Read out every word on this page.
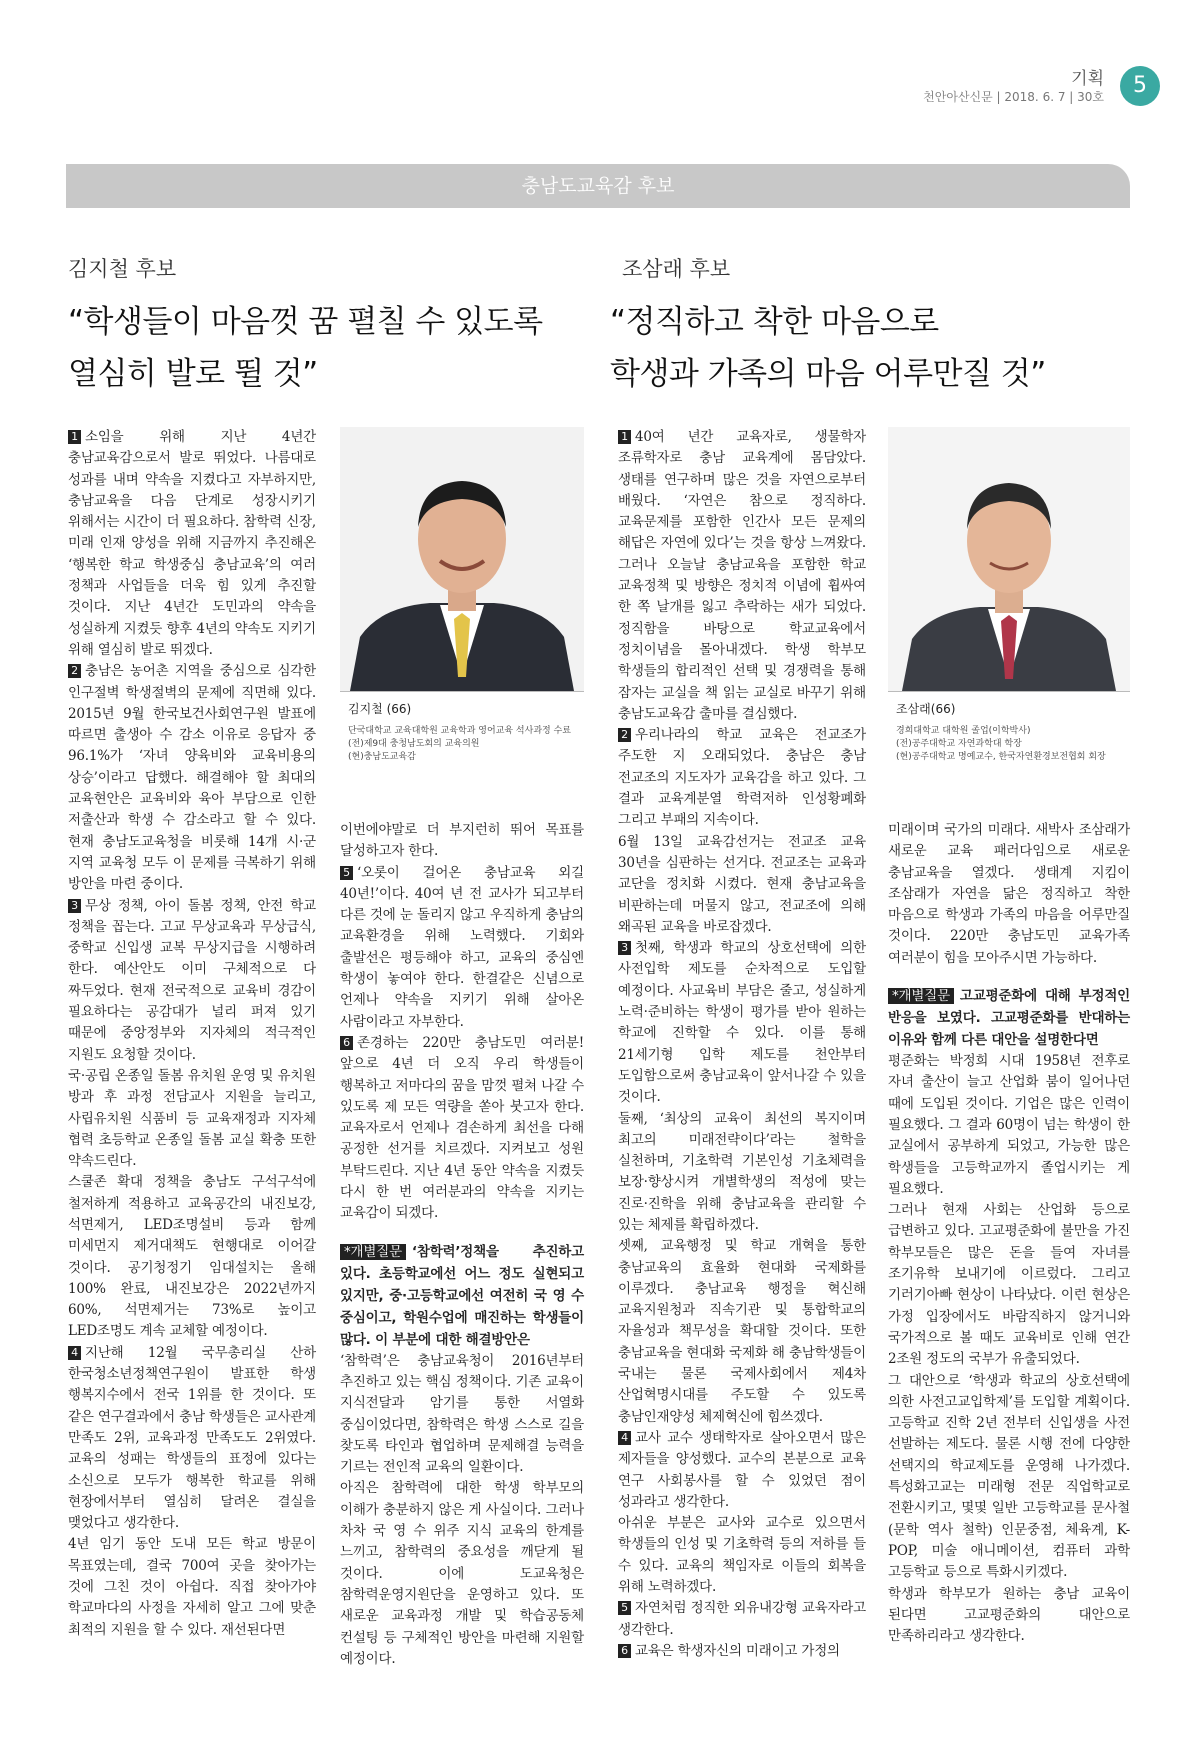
기획
천안아산신문 | 2018. 6. 7 | 30호	5
충남도교육감 후보
김지철 후보
“학생들이 마음껏 꿈 펼칠 수 있도록
열심히 발로 뛸 것”

1 소임을 위해 지난 4년간 충남교육감으로서 발로 뛰었다. 나름대로 성과를 내며 약속을 지켰다고 자부하지만, 충남교육을 다음 단계로 성장시키기 위해서는 시간이 더 필요하다. 참학력 신장, 미래 인재 양성을 위해 지금까지 추진해온 ‘행복한 학교 학생중심 충남교육’의 여러 정책과 사업들을 더욱 힘 있게 추진할 것이다. 지난 4년간 도민과의 약속을 성실하게 지켰듯 향후 4년의 약속도 지키기 위해 열심히 발로 뛰겠다.

2 충남은 농어촌 지역을 중심으로 심각한 인구절벽 학생절벽의 문제에 직면해 있다. 2015년 9월 한국보건사회연구원 발표에 따르면 출생아 수 감소 이유로 응답자 중 96.1%가 ‘자녀 양육비와 교육비용의 상승’이라고 답했다. 해결해야 할 최대의 교육현안은 교육비와 육아 부담으로 인한 저출산과 학생 수 감소라고 할 수 있다. 현재 충남도교육청을 비롯해 14개 시·군 지역 교육청 모두 이 문제를 극복하기 위해 방안을 마련 중이다.

3 무상 정책, 아이 돌봄 정책, 안전 학교 정책을 꼽는다. 고교 무상교육과 무상급식, 중학교 신입생 교복 무상지급을 시행하려 한다. 예산안도 이미 구체적으로 다 짜두었다. 현재 전국적으로 교육비 경감이 필요하다는 공감대가 널리 퍼져 있기 때문에 중앙정부와 지자체의 적극적인 지원도 요청할 것이다.

국·공립 온종일 돌봄 유치원 운영 및 유치원 방과 후 과정 전담교사 지원을 늘리고, 사립유치원 식품비 등 교육재정과 지자체 협력 초등학교 온종일 돌봄 교실 확충 또한 약속드린다.

스쿨존 확대 정책을 충남도 구석구석에 철저하게 적용하고 교육공간의 내진보강, 석면제거, LED조명설비 등과 함께 미세먼지 제거대책도 현행대로 이어갈 것이다. 공기청정기 임대설치는 올해 100% 완료, 내진보강은 2022년까지 60%, 석면제거는 73%로 높이고 LED조명도 계속 교체할 예정이다.

4 지난해 12월 국무총리실 산하 한국청소년정책연구원이 발표한 학생 행복지수에서 전국 1위를 한 것이다. 또 같은 연구결과에서 충남 학생들은 교사관계 만족도 2위, 교육과정 만족도도 2위였다. 교육의 성패는 학생들의 표정에 있다는 소신으로 모두가 행복한 학교를 위해 현장에서부터 열심히 달려온 결실을 맺었다고 생각한다.

4년 임기 동안 도내 모든 학교 방문이 목표였는데, 결국 700여 곳을 찾아가는 것에 그친 것이 아쉽다. 직접 찾아가야 학교마다의 사정을 자세히 알고 그에 맞춘 최적의 지원을 할 수 있다. 재선된다면

김지철 (66)
단국대학교 교육대학원 교육학과 영어교육 석사과정 수료
(전)제9대 충청남도회의 교육의원
(현)충남도교육감

이번에야말로 더 부지런히 뛰어 목표를 달성하고자 한다.

5 ‘오롯이 걸어온 충남교육 외길 40년!’이다. 40여 년 전 교사가 되고부터 다른 것에 눈 돌리지 않고 우직하게 충남의 교육환경을 위해 노력했다. 기회와 출발선은 평등해야 하고, 교육의 중심엔 학생이 놓여야 한다. 한결같은 신념으로 언제나 약속을 지키기 위해 살아온 사람이라고 자부한다.

6 존경하는 220만 충남도민 여러분! 앞으로 4년 더 오직 우리 학생들이 행복하고 저마다의 꿈을 맘껏 펼쳐 나갈 수 있도록 제 모든 역량을 쏟아 붓고자 한다. 교육자로서 언제나 겸손하게 최선을 다해 공정한 선거를 치르겠다. 지켜보고 성원 부탁드린다. 지난 4년 동안 약속을 지켰듯 다시 한 번 여러분과의 약속을 지키는 교육감이 되겠다.

*개별질문 ‘참학력’정책을 추진하고 있다. 초등학교에선 어느 정도 실현되고 있지만, 중·고등학교에선 여전히 국 영 수 중심이고, 학원수업에 매진하는 학생들이 많다. 이 부분에 대한 해결방안은

‘참학력’은 충남교육청이 2016년부터 추진하고 있는 핵심 정책이다. 기존 교육이 지식전달과 암기를 통한 서열화 중심이었다면, 참학력은 학생 스스로 길을 찾도록 타인과 협업하며 문제해결 능력을 기르는 전인적 교육의 일환이다.

아직은 참학력에 대한 학생 학부모의 이해가 충분하지 않은 게 사실이다. 그러나 차차 국 영 수 위주 지식 교육의 한계를 느끼고, 참학력의 중요성을 깨닫게 될 것이다. 이에 도교육청은 참학력운영지원단을 운영하고 있다. 또 새로운 교육과정 개발 및 학습공동체 컨설팅 등 구체적인 방안을 마련해 지원할 예정이다.

조삼래 후보
“정직하고 착한 마음으로
학생과 가족의 마음 어루만질 것”

1 40여 년간 교육자로, 생물학자 조류학자로 충남 교육계에 몸담았다. 생태를 연구하며 많은 것을 자연으로부터 배웠다. ‘자연은 참으로 정직하다. 교육문제를 포함한 인간사 모든 문제의 해답은 자연에 있다’는 것을 항상 느껴왔다. 그러나 오늘날 충남교육을 포함한 학교 교육정책 및 방향은 정치적 이념에 휩싸여 한 쪽 날개를 잃고 추락하는 새가 되었다. 정직함을 바탕으로 학교교육에서 정치이념을 몰아내겠다. 학생 학부모 학생들의 합리적인 선택 및 경쟁력을 통해 잠자는 교실을 책 읽는 교실로 바꾸기 위해 충남도교육감 출마를 결심했다.

2 우리나라의 학교 교육은 전교조가 주도한 지 오래되었다. 충남은 충남 전교조의 지도자가 교육감을 하고 있다. 그 결과 교육계분열 학력저하 인성황폐화 그리고 부패의 지속이다.

6월 13일 교육감선거는 전교조 교육 30년을 심판하는 선거다. 전교조는 교육과 교단을 정치화 시켰다. 현재 충남교육을 비판하는데 머물지 않고, 전교조에 의해 왜곡된 교육을 바로잡겠다.

3 첫째, 학생과 학교의 상호선택에 의한 사전입학 제도를 순차적으로 도입할 예정이다. 사교육비 부담은 줄고, 성실하게 노력·준비하는 학생이 평가를 받아 원하는 학교에 진학할 수 있다. 이를 통해 21세기형 입학 제도를 천안부터 도입함으로써 충남교육이 앞서나갈 수 있을 것이다.

둘째, ‘최상의 교육이 최선의 복지이며 최고의 미래전략이다’라는 철학을 실천하며, 기초학력 기본인성 기초체력을 보장·향상시켜 개별학생의 적성에 맞는 진로·진학을 위해 충남교육을 관리할 수 있는 체제를 확립하겠다.

셋째, 교육행정 및 학교 개혁을 통한 충남교육의 효율화 현대화 국제화를 이루겠다. 충남교육 행정을 혁신해 교육지원청과 직속기관 및 통합학교의 자율성과 책무성을 확대할 것이다. 또한 충남교육을 현대화 국제화 해 충남학생들이 국내는 물론 국제사회에서 제4차 산업혁명시대를 주도할 수 있도록 충남인재양성 체제혁신에 힘쓰겠다.

4 교사 교수 생태학자로 살아오면서 많은 제자들을 양성했다. 교수의 본분으로 교육 연구 사회봉사를 할 수 있었던 점이 성과라고 생각한다.

아쉬운 부분은 교사와 교수로 있으면서 학생들의 인성 및 기초학력 등의 저하를 들 수 있다. 교육의 책임자로 이들의 회복을 위해 노력하겠다.

5 자연처럼 정직한 외유내강형 교육자라고 생각한다.

6 교육은 학생자신의 미래이고 가정의

조삼래(66)
경희대학교 대학원 졸업(이학박사)
(전)공주대학교 자연과학대 학장
(현)공주대학교 명예교수, 한국자연환경보전협회 회장

미래이며 국가의 미래다. 새박사 조삼래가 새로운 교육 패러다임으로 새로운 충남교육을 열겠다. 생태계 지킴이 조삼래가 자연을 닮은 정직하고 착한 마음으로 학생과 가족의 마음을 어루만질 것이다. 220만 충남도민 교육가족 여러분이 힘을 모아주시면 가능하다.

*개별질문 고교평준화에 대해 부정적인 반응을 보였다. 고교평준화를 반대하는 이유와 함께 다른 대안을 설명한다면

평준화는 박정희 시대 1958년 전후로 자녀 출산이 늘고 산업화 붐이 일어나던 때에 도입된 것이다. 기업은 많은 인력이 필요했다. 그 결과 60명이 넘는 학생이 한 교실에서 공부하게 되었고, 가능한 많은 학생들을 고등학교까지 졸업시키는 게 필요했다.

그러나 현재 사회는 산업화 등으로 급변하고 있다. 고교평준화에 불만을 가진 학부모들은 많은 돈을 들여 자녀를 조기유학 보내기에 이르렀다. 그리고 기러기아빠 현상이 나타났다. 이런 현상은 가정 입장에서도 바람직하지 않거니와 국가적으로 볼 때도 교육비로 인해 연간 2조원 정도의 국부가 유출되었다.

그 대안으로 ‘학생과 학교의 상호선택에 의한 사전고교입학제’를 도입할 계획이다. 고등학교 진학 2년 전부터 신입생을 사전 선발하는 제도다. 물론 시행 전에 다양한 선택지의 학교제도를 운영해 나가겠다. 특성화고교는 미래형 전문 직업학교로 전환시키고, 몇몇 일반 고등학교를 문사철(문학 역사 철학) 인문중점, 체육계, K-POP, 미술 애니메이션, 컴퓨터 과학 고등학교 등으로 특화시키겠다.

학생과 학부모가 원하는 충남 교육이 된다면 고교평준화의 대안으로 만족하리라고 생각한다.
